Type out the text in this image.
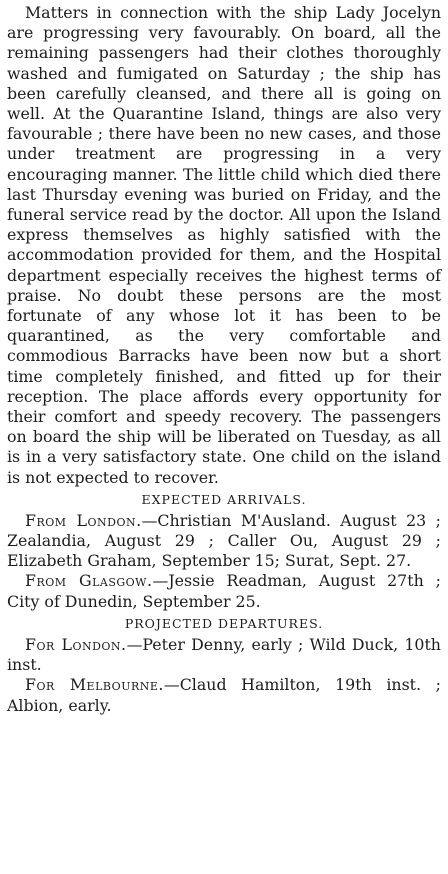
Matters in connection with the ship Lady Jocelyn are progressing very favourably. On board, all the remaining passengers had their clothes thoroughly washed and fumigated on Saturday ; the ship has been carefully cleansed, and there all is going on well. At the Quarantine Island, things are also very favourable ; there have been no new cases, and those under treatment are progressing in a very encouraging manner. The little child which died there last Thursday evening was buried on Friday, and the funeral service read by the doctor. All upon the Island express themselves as highly satisfied with the accommodation provided for them, and the Hospital department especially receives the highest terms of praise. No doubt these persons are the most fortunate of any whose lot it has been to be quarantined, as the very comfortable and commodious Barracks have been now but a short time completely finished, and fitted up for their reception. The place affords every opportunity for their comfort and speedy recovery. The passengers on board the ship will be liberated on Tuesday, as all is in a very satisfactory state. One child on the island is not expected to recover.

EXPECTED ARRIVALS.

From London.—Christian M'Ausland. August 23 ; Zealandia, August 29 ; Caller Ou, August 29 ; Elizabeth Graham, September 15; Surat, Sept. 27.

From Glasgow.—Jessie Readman, August 27th ; City of Dunedin, September 25.

PROJECTED DEPARTURES.

For London.—Peter Denny, early ; Wild Duck, 10th inst.

For Melbourne.—Claud Hamilton, 19th inst. ; Albion, early.
